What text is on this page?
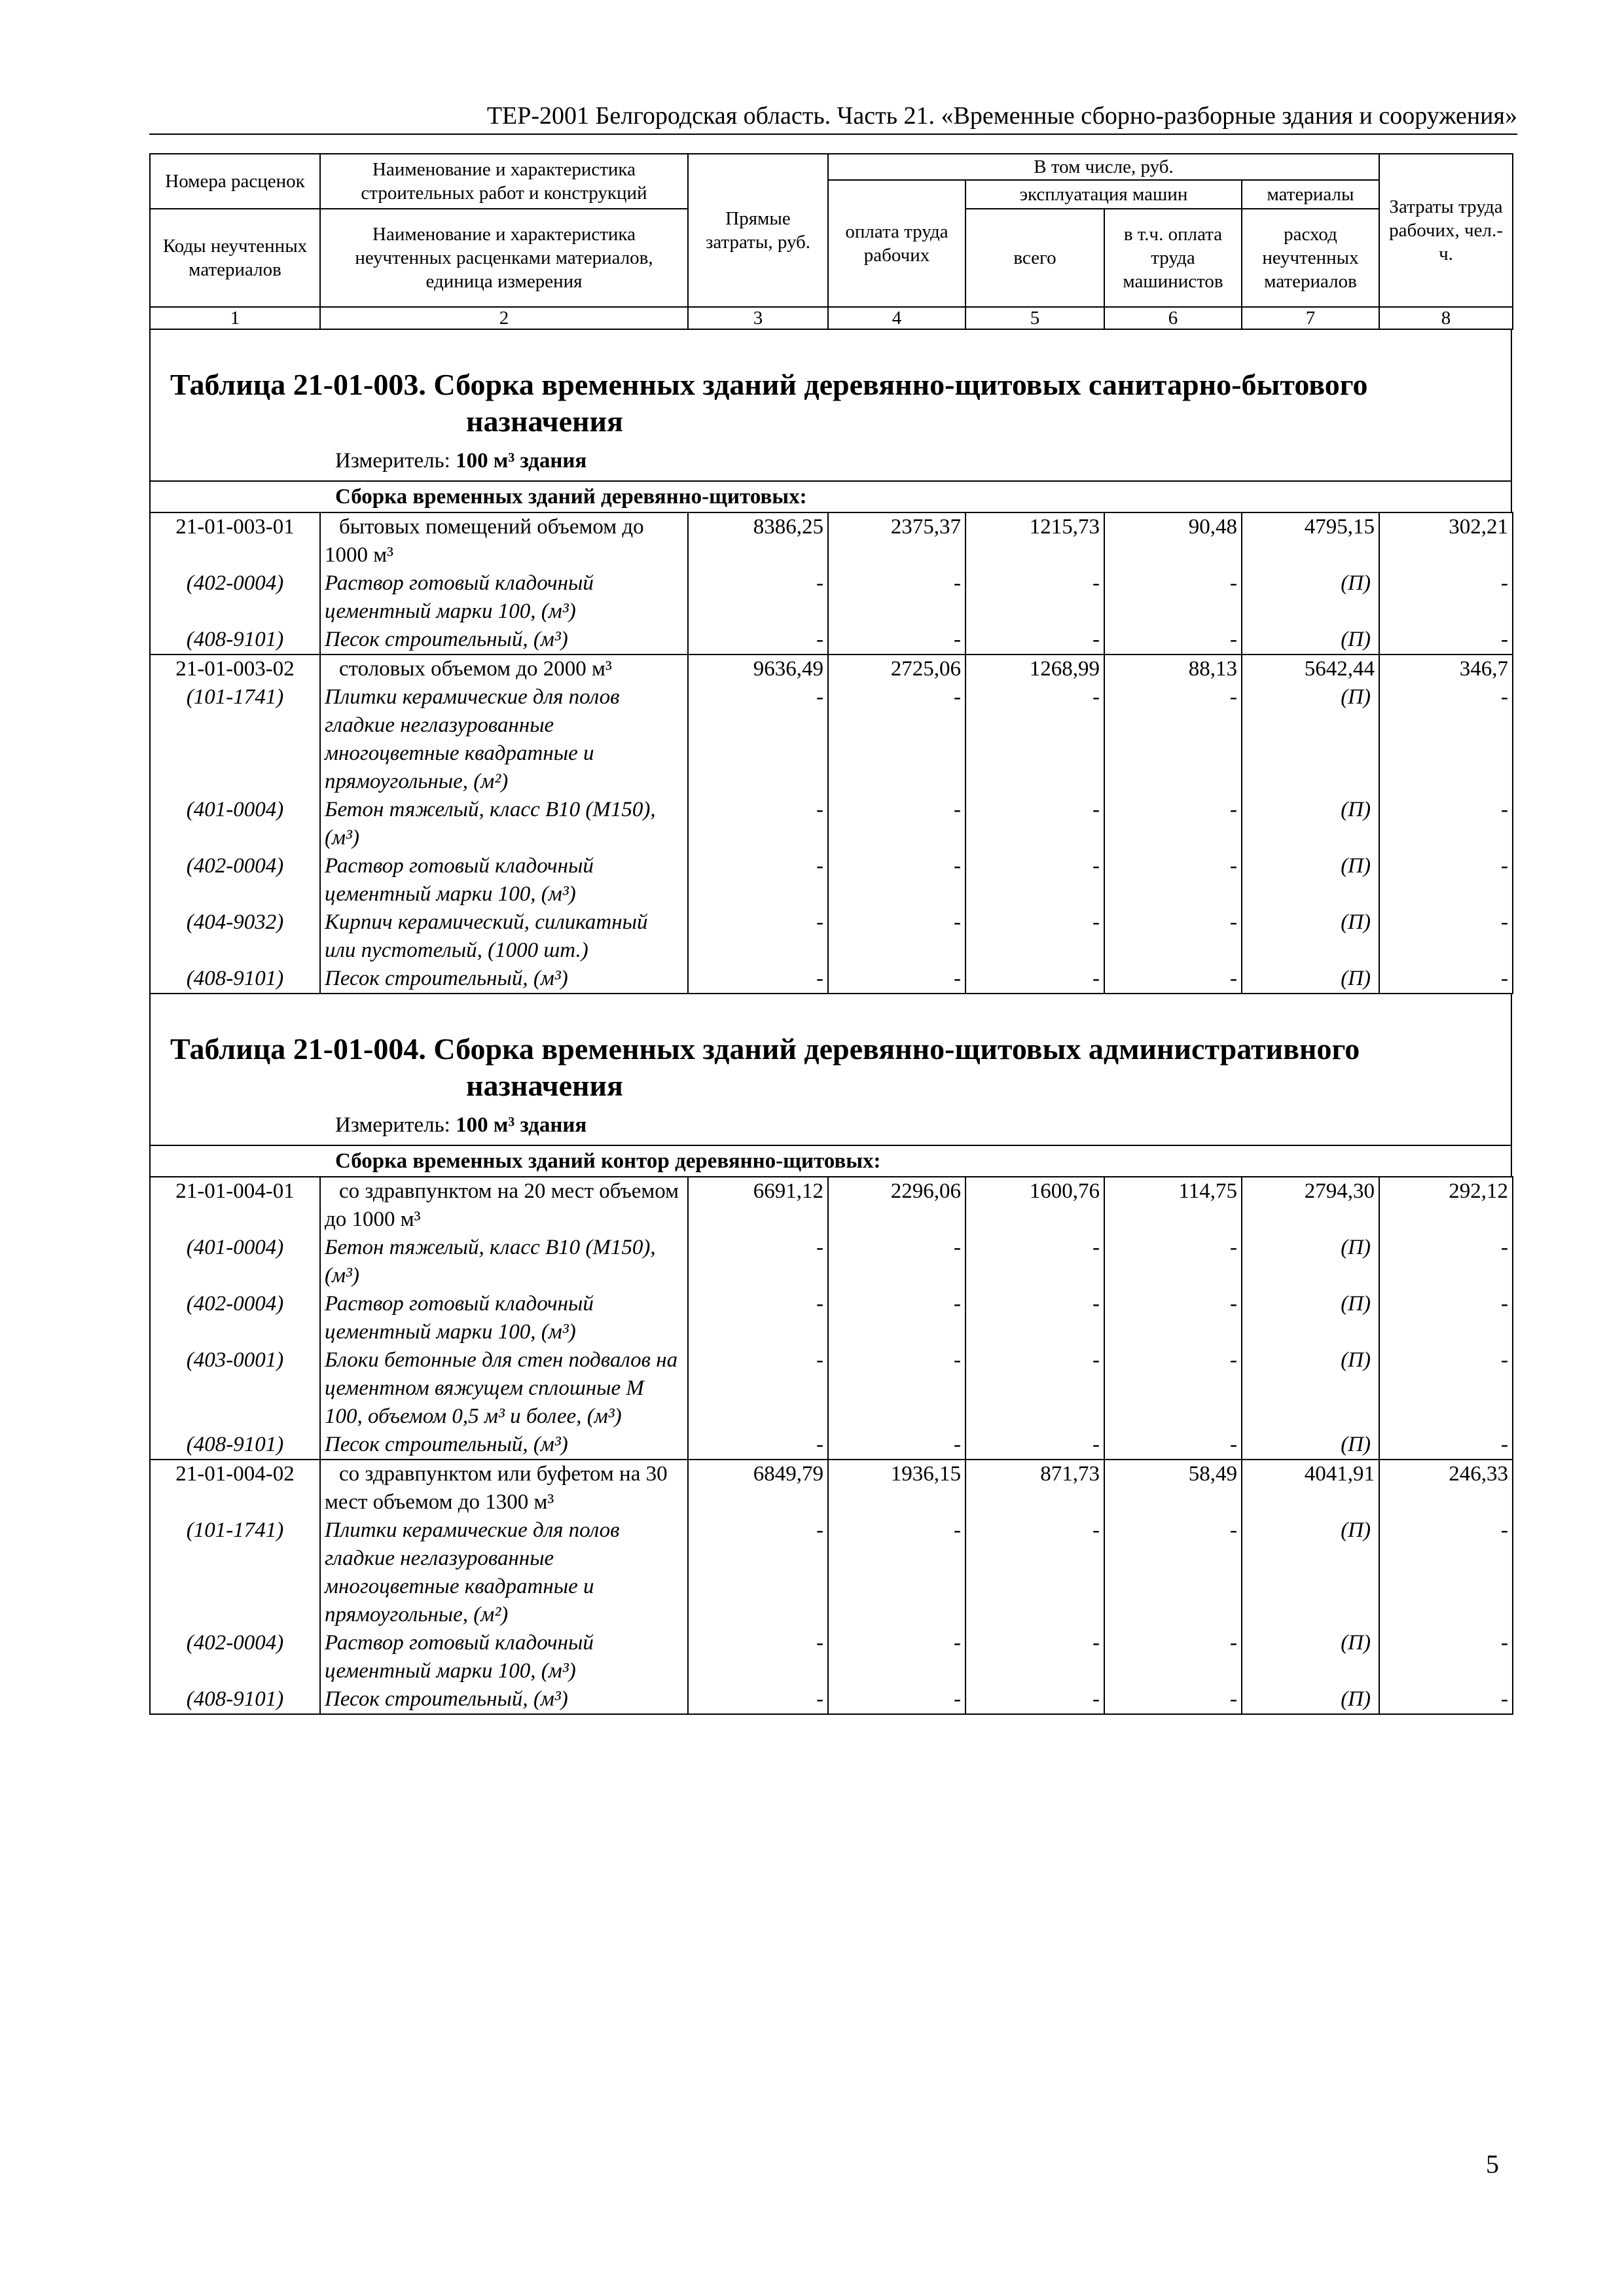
ТЕР-2001 Белгородская область. Часть 21. «Временные сборно-разборные здания и сооружения»
Номера расценок	Наименование и характеристика строительных работ и конструкций	Прямые затраты, руб.	В том числе, руб.				Затраты труда рабочих, чел.-ч.
			оплата труда рабочих	эксплуатация машин		материалы	
Коды неучтенных материалов	Наименование и характеристика неучтенных расценками материалов, единица измерения			всего	в т.ч. оплата труда машинистов	расход неучтенных материалов	

1	2	3	4	5	6	7	8
Таблица 21-01-003. Сборка временных зданий деревянно-щитовых санитарно-бытового
назначения
Измеритель: 100 м³ здания
Сборка временных зданий деревянно-щитовых:
21-01-003-01	бытовых помещений объемом до 1000 м³	8386,25	2375,37	1215,73	90,48	4795,15	302,21
(402-0004)	Раствор готовый кладочный цементный марки 100, (м³)	-	-	-	-	(П)	-
(408-9101)	Песок строительный, (м³)	-	-	-	-	(П)	-
21-01-003-02	столовых объемом до 2000 м³	9636,49	2725,06	1268,99	88,13	5642,44	346,7
(101-1741)	Плитки керамические для полов гладкие неглазурованные многоцветные квадратные и прямоугольные, (м²)	-	-	-	-	(П)	-
(401-0004)	Бетон тяжелый, класс В10 (М150), (м³)	-	-	-	-	(П)	-
(402-0004)	Раствор готовый кладочный цементный марки 100, (м³)	-	-	-	-	(П)	-
(404-9032)	Кирпич керамический, силикатный или пустотелый, (1000 шт.)	-	-	-	-	(П)	-
(408-9101)	Песок строительный, (м³)	-	-	-	-	(П)	-
Таблица 21-01-004. Сборка временных зданий деревянно-щитовых административного
назначения
Измеритель: 100 м³ здания
Сборка временных зданий контор деревянно-щитовых:
21-01-004-01	со здравпунктом на 20 мест объемом до 1000 м³	6691,12	2296,06	1600,76	114,75	2794,30	292,12
(401-0004)	Бетон тяжелый, класс В10 (М150), (м³)	-	-	-	-	(П)	-
(402-0004)	Раствор готовый кладочный цементный марки 100, (м³)	-	-	-	-	(П)	-
(403-0001)	Блоки бетонные для стен подвалов на цементном вяжущем сплошные М 100, объемом 0,5 м³ и более, (м³)	-	-	-	-	(П)	-
(408-9101)	Песок строительный, (м³)	-	-	-	-	(П)	-
21-01-004-02	со здравпунктом или буфетом на 30 мест объемом до 1300 м³	6849,79	1936,15	871,73	58,49	4041,91	246,33
(101-1741)	Плитки керамические для полов гладкие неглазурованные многоцветные квадратные и прямоугольные, (м²)	-	-	-	-	(П)	-
(402-0004)	Раствор готовый кладочный цементный марки 100, (м³)	-	-	-	-	(П)	-
(408-9101)	Песок строительный, (м³)	-	-	-	-	(П)	-
5
